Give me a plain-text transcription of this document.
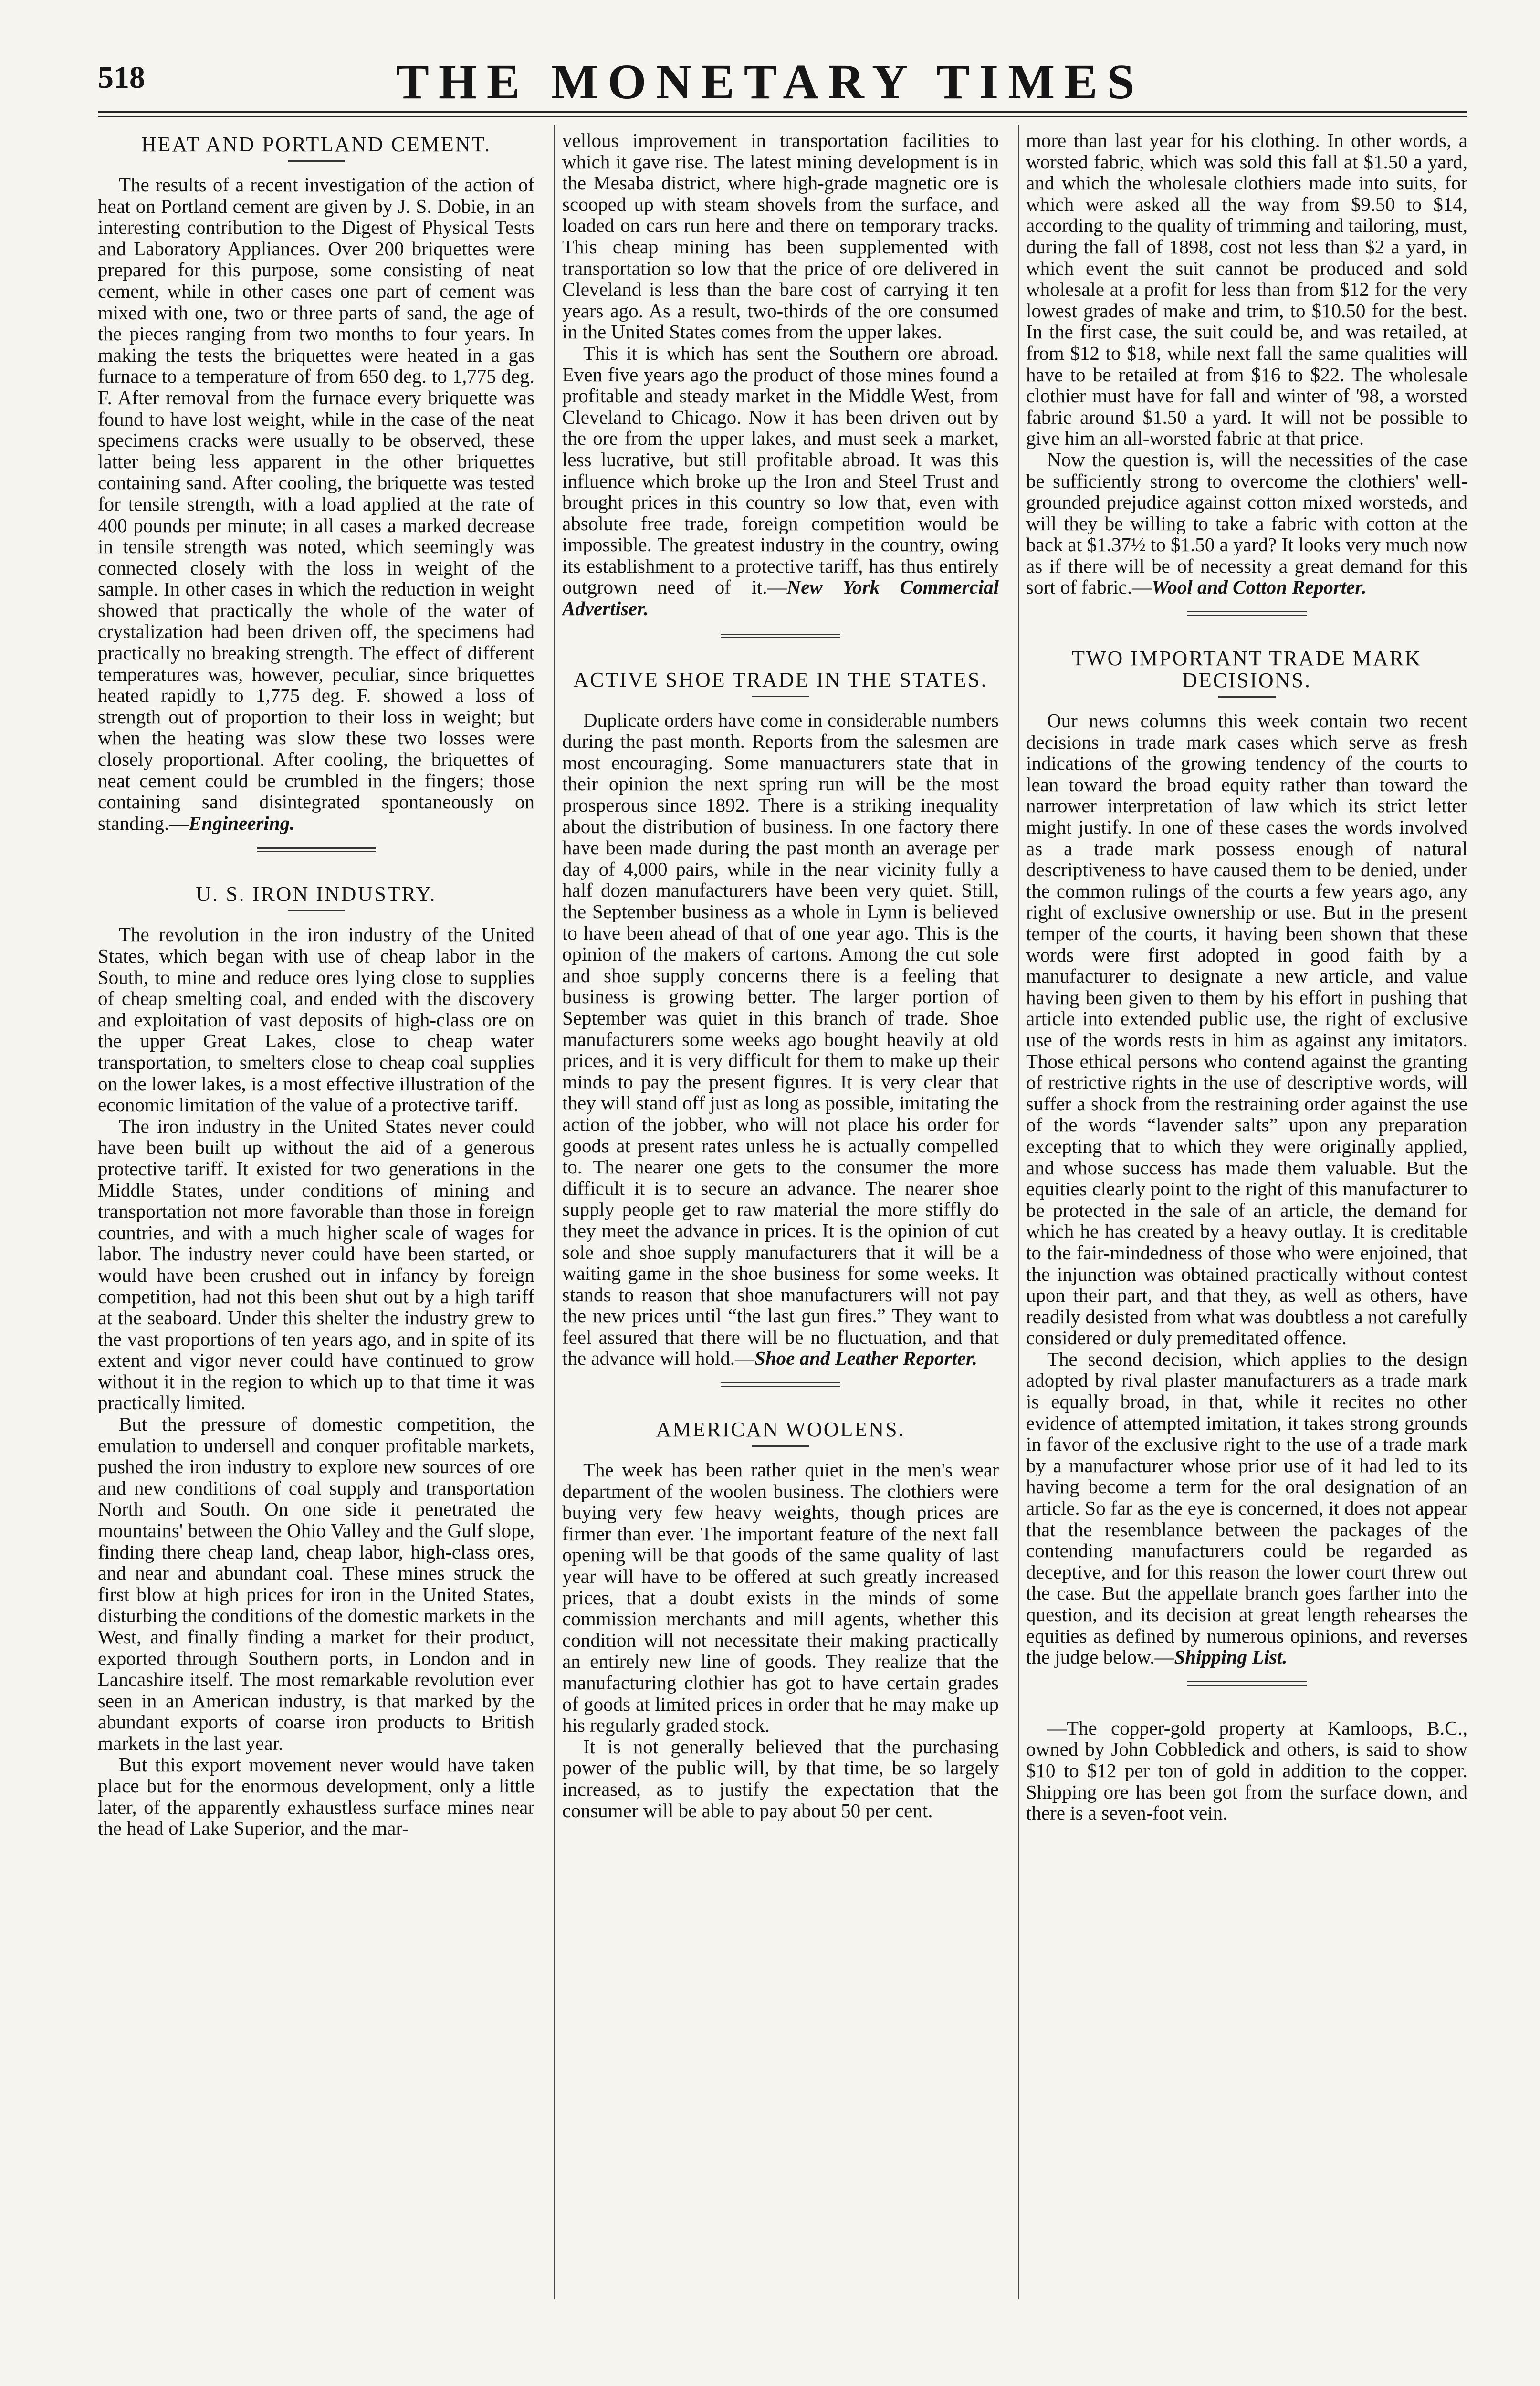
518	THE MONETARY TIMES
HEAT AND PORTLAND CEMENT.

The results of a recent investigation of the action of heat on Portland cement are given by J. S. Dobie, in an interesting contribution to the Digest of Physical Tests and Laboratory Appliances. Over 200 briquettes were prepared for this purpose, some consisting of neat cement, while in other cases one part of cement was mixed with one, two or three parts of sand, the age of the pieces ranging from two months to four years. In making the tests the briquettes were heated in a gas furnace to a temperature of from 650 deg. to 1,775 deg. F. After removal from the furnace every briquette was found to have lost weight, while in the case of the neat specimens cracks were usually to be observed, these latter being less apparent in the other briquettes containing sand. After cooling, the briquette was tested for tensile strength, with a load applied at the rate of 400 pounds per minute; in all cases a marked decrease in tensile strength was noted, which seemingly was connected closely with the loss in weight of the sample. In other cases in which the reduction in weight showed that practically the whole of the water of crystalization had been driven off, the specimens had practically no breaking strength. The effect of different temperatures was, however, peculiar, since briquettes heated rapidly to 1,775 deg. F. showed a loss of strength out of proportion to their loss in weight; but when the heating was slow these two losses were closely proportional. After cooling, the briquettes of neat cement could be crumbled in the fingers; those containing sand disintegrated spontaneously on standing.—Engineering.

U. S. IRON INDUSTRY.

The revolution in the iron industry of the United States, which began with use of cheap labor in the South, to mine and reduce ores lying close to supplies of cheap smelting coal, and ended with the discovery and exploitation of vast deposits of high-class ore on the upper Great Lakes, close to cheap water transportation, to smelters close to cheap coal supplies on the lower lakes, is a most effective illustration of the economic limitation of the value of a protective tariff.

The iron industry in the United States never could have been built up without the aid of a generous protective tariff. It existed for two generations in the Middle States, under conditions of mining and transportation not more favorable than those in foreign countries, and with a much higher scale of wages for labor. The industry never could have been started, or would have been crushed out in infancy by foreign competition, had not this been shut out by a high tariff at the seaboard. Under this shelter the industry grew to the vast proportions of ten years ago, and in spite of its extent and vigor never could have continued to grow without it in the region to which up to that time it was practically limited.

But the pressure of domestic competition, the emulation to undersell and conquer profitable markets, pushed the iron industry to explore new sources of ore and new conditions of coal supply and transportation North and South. On one side it penetrated the mountains' between the Ohio Valley and the Gulf slope, finding there cheap land, cheap labor, high-class ores, and near and abundant coal. These mines struck the first blow at high prices for iron in the United States, disturbing the conditions of the domestic markets in the West, and finally finding a market for their product, exported through Southern ports, in London and in Lancashire itself. The most remarkable revolution ever seen in an American industry, is that marked by the abundant exports of coarse iron products to British markets in the last year.

But this export movement never would have taken place but for the enormous development, only a little later, of the apparently exhaustless surface mines near the head of Lake Superior, and the mar-

vellous improvement in transportation facilities to which it gave rise. The latest mining development is in the Mesaba district, where high-grade magnetic ore is scooped up with steam shovels from the surface, and loaded on cars run here and there on temporary tracks. This cheap mining has been supplemented with transportation so low that the price of ore delivered in Cleveland is less than the bare cost of carrying it ten years ago. As a result, two-thirds of the ore consumed in the United States comes from the upper lakes.

This it is which has sent the Southern ore abroad. Even five years ago the product of those mines found a profitable and steady market in the Middle West, from Cleveland to Chicago. Now it has been driven out by the ore from the upper lakes, and must seek a market, less lucrative, but still profitable abroad. It was this influence which broke up the Iron and Steel Trust and brought prices in this country so low that, even with absolute free trade, foreign competition would be impossible. The greatest industry in the country, owing its establishment to a protective tariff, has thus entirely outgrown need of it.—New York Commercial Advertiser.

ACTIVE SHOE TRADE IN THE STATES.

Duplicate orders have come in considerable numbers during the past month. Reports from the salesmen are most encouraging. Some manuacturers state that in their opinion the next spring run will be the most prosperous since 1892. There is a striking inequality about the distribution of business. In one factory there have been made during the past month an average per day of 4,000 pairs, while in the near vicinity fully a half dozen manufacturers have been very quiet. Still, the September business as a whole in Lynn is believed to have been ahead of that of one year ago. This is the opinion of the makers of cartons. Among the cut sole and shoe supply concerns there is a feeling that business is growing better. The larger portion of September was quiet in this branch of trade. Shoe manufacturers some weeks ago bought heavily at old prices, and it is very difficult for them to make up their minds to pay the present figures. It is very clear that they will stand off just as long as possible, imitating the action of the jobber, who will not place his order for goods at present rates unless he is actually compelled to. The nearer one gets to the consumer the more difficult it is to secure an advance. The nearer shoe supply people get to raw material the more stiffly do they meet the advance in prices. It is the opinion of cut sole and shoe supply manufacturers that it will be a waiting game in the shoe business for some weeks. It stands to reason that shoe manufacturers will not pay the new prices until “the last gun fires.” They want to feel assured that there will be no fluctuation, and that the advance will hold.—Shoe and Leather Reporter.

AMERICAN WOOLENS.

The week has been rather quiet in the men's wear department of the woolen business. The clothiers were buying very few heavy weights, though prices are firmer than ever. The important feature of the next fall opening will be that goods of the same quality of last year will have to be offered at such greatly increased prices, that a doubt exists in the minds of some commission merchants and mill agents, whether this condition will not necessitate their making practically an entirely new line of goods. They realize that the manufacturing clothier has got to have certain grades of goods at limited prices in order that he may make up his regularly graded stock.

It is not generally believed that the purchasing power of the public will, by that time, be so largely increased, as to justify the expectation that the consumer will be able to pay about 50 per cent.

more than last year for his clothing. In other words, a worsted fabric, which was sold this fall at $1.50 a yard, and which the wholesale clothiers made into suits, for which were asked all the way from $9.50 to $14, according to the quality of trimming and tailoring, must, during the fall of 1898, cost not less than $2 a yard, in which event the suit cannot be produced and sold wholesale at a profit for less than from $12 for the very lowest grades of make and trim, to $10.50 for the best. In the first case, the suit could be, and was retailed, at from $12 to $18, while next fall the same qualities will have to be retailed at from $16 to $22. The wholesale clothier must have for fall and winter of '98, a worsted fabric around $1.50 a yard. It will not be possible to give him an all-worsted fabric at that price.

Now the question is, will the necessities of the case be sufficiently strong to overcome the clothiers' well-grounded prejudice against cotton mixed worsteds, and will they be willing to take a fabric with cotton at the back at $1.37½ to $1.50 a yard? It looks very much now as if there will be of necessity a great demand for this sort of fabric.—Wool and Cotton Reporter.

TWO IMPORTANT TRADE MARK DECISIONS.

Our news columns this week contain two recent decisions in trade mark cases which serve as fresh indications of the growing tendency of the courts to lean toward the broad equity rather than toward the narrower interpretation of law which its strict letter might justify. In one of these cases the words involved as a trade mark possess enough of natural descriptiveness to have caused them to be denied, under the common rulings of the courts a few years ago, any right of exclusive ownership or use. But in the present temper of the courts, it having been shown that these words were first adopted in good faith by a manufacturer to designate a new article, and value having been given to them by his effort in pushing that article into extended public use, the right of exclusive use of the words rests in him as against any imitators. Those ethical persons who contend against the granting of restrictive rights in the use of descriptive words, will suffer a shock from the restraining order against the use of the words “lavender salts” upon any preparation excepting that to which they were originally applied, and whose success has made them valuable. But the equities clearly point to the right of this manufacturer to be protected in the sale of an article, the demand for which he has created by a heavy outlay. It is creditable to the fair-mindedness of those who were enjoined, that the injunction was obtained practically without contest upon their part, and that they, as well as others, have readily desisted from what was doubtless a not carefully considered or duly premeditated offence.

The second decision, which applies to the design adopted by rival plaster manufacturers as a trade mark is equally broad, in that, while it recites no other evidence of attempted imitation, it takes strong grounds in favor of the exclusive right to the use of a trade mark by a manufacturer whose prior use of it had led to its having become a term for the oral designation of an article. So far as the eye is concerned, it does not appear that the resemblance between the packages of the contending manufacturers could be regarded as deceptive, and for this reason the lower court threw out the case. But the appellate branch goes farther into the question, and its decision at great length rehearses the equities as defined by numerous opinions, and reverses the judge below.—Shipping List.

—The copper-gold property at Kamloops, B.C., owned by John Cobbledick and others, is said to show $10 to $12 per ton of gold in addition to the copper. Shipping ore has been got from the surface down, and there is a seven-foot vein.
